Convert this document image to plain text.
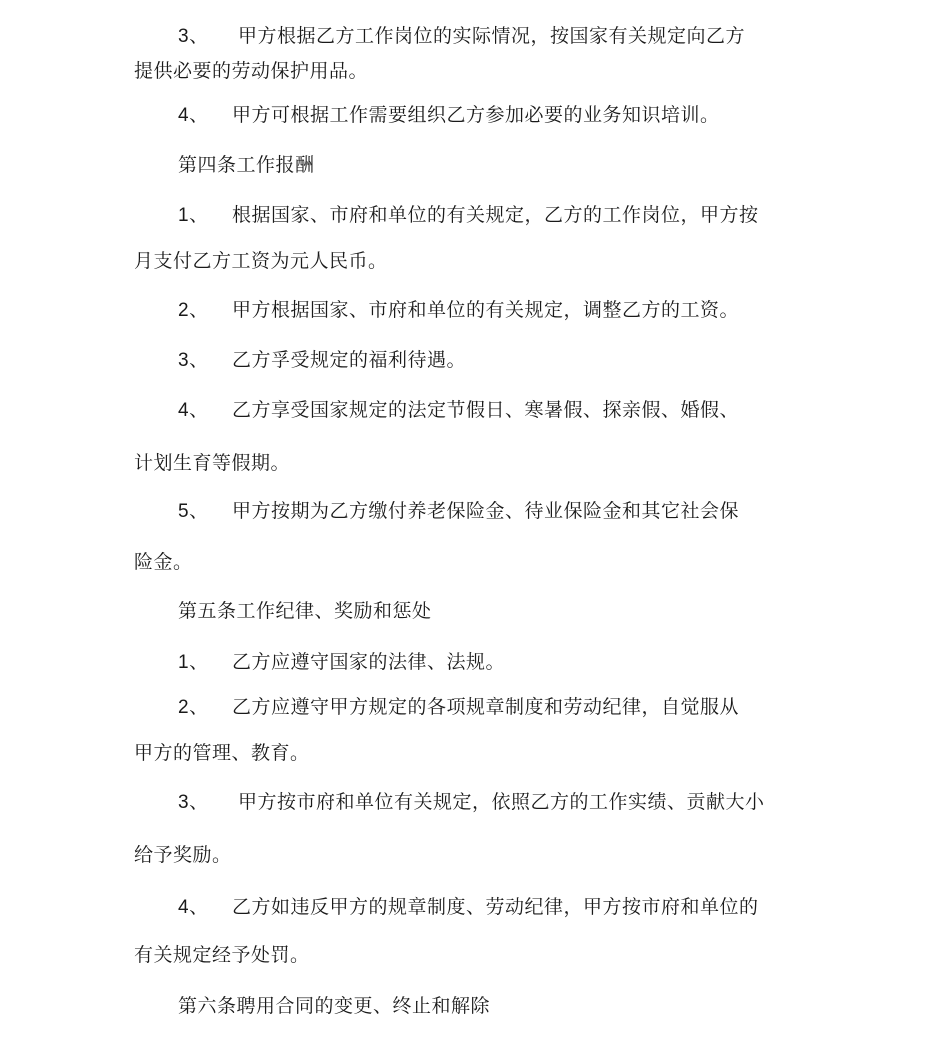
3、 甲方根据乙方工作岗位的实际情况，按国家有关规定向乙方
提供必要的劳动保护用品。
4、 甲方可根据工作需要组织乙方参加必要的业务知识培训。
第四条工作报酬
1、 根据国家、市府和单位的有关规定，乙方的工作岗位，甲方按
月支付乙方工资为元人民币。
2、 甲方根据国家、市府和单位的有关规定，调整乙方的工资。
3、 乙方孚受规定的福利待遇。
4、 乙方享受国家规定的法定节假日、寒暑假、探亲假、婚假、
计划生育等假期。
5、 甲方按期为乙方缴付养老保险金、待业保险金和其它社会保
险金。
第五条工作纪律、奖励和惩处
1、 乙方应遵守国家的法律、法规。
2、 乙方应遵守甲方规定的各项规章制度和劳动纪律，自觉服从
甲方的管理、教育。
3、 甲方按市府和单位有关规定，依照乙方的工作实绩、贡献大小
给予奖励。
4、 乙方如违反甲方的规章制度、劳动纪律，甲方按市府和单位的
有关规定经予处罚。
第六条聘用合同的变更、终止和解除
